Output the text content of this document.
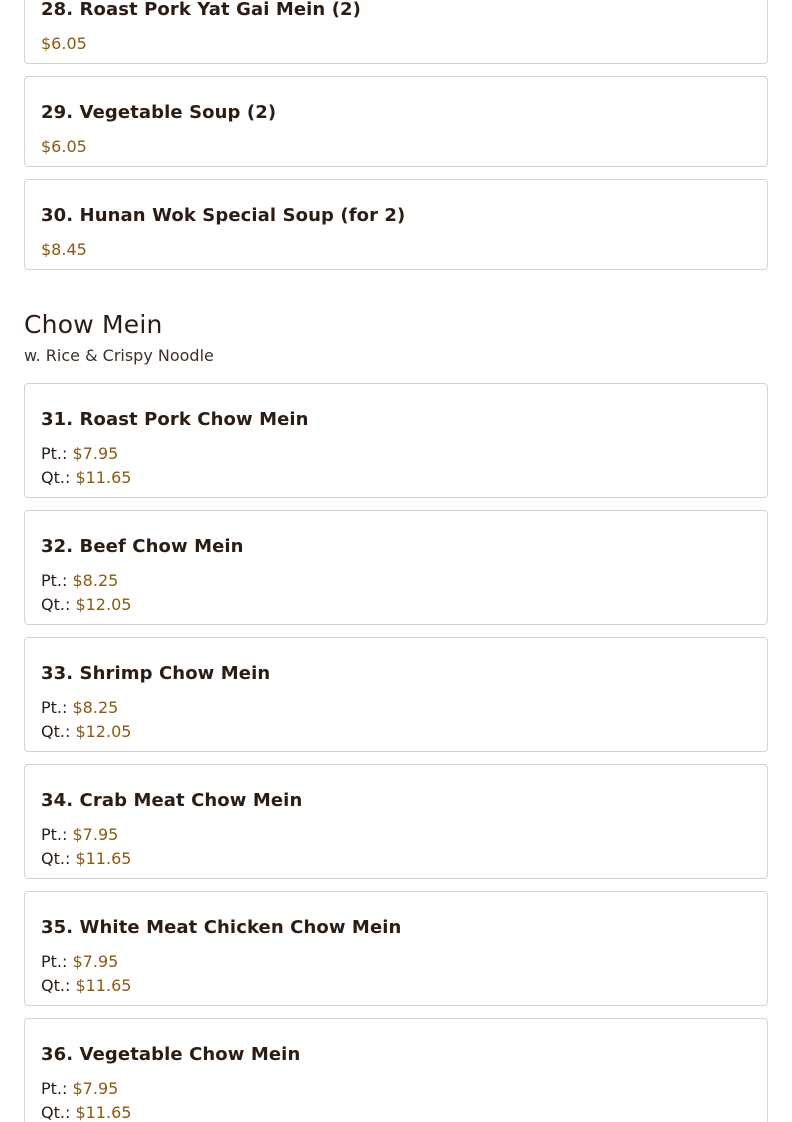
28. Roast Pork Yat Gai Mein (2)
$6.05
29. Vegetable Soup (2)
$6.05
30. Hunan Wok Special Soup (for 2)
$8.45
Chow Mein
w. Rice & Crispy Noodle
31. Roast Pork Chow Mein
Pt.: $7.95
Qt.: $11.65
32. Beef Chow Mein
Pt.: $8.25
Qt.: $12.05
33. Shrimp Chow Mein
Pt.: $8.25
Qt.: $12.05
34. Crab Meat Chow Mein
Pt.: $7.95
Qt.: $11.65
35. White Meat Chicken Chow Mein
Pt.: $7.95
Qt.: $11.65
36. Vegetable Chow Mein
Pt.: $7.95
Qt.: $11.65
